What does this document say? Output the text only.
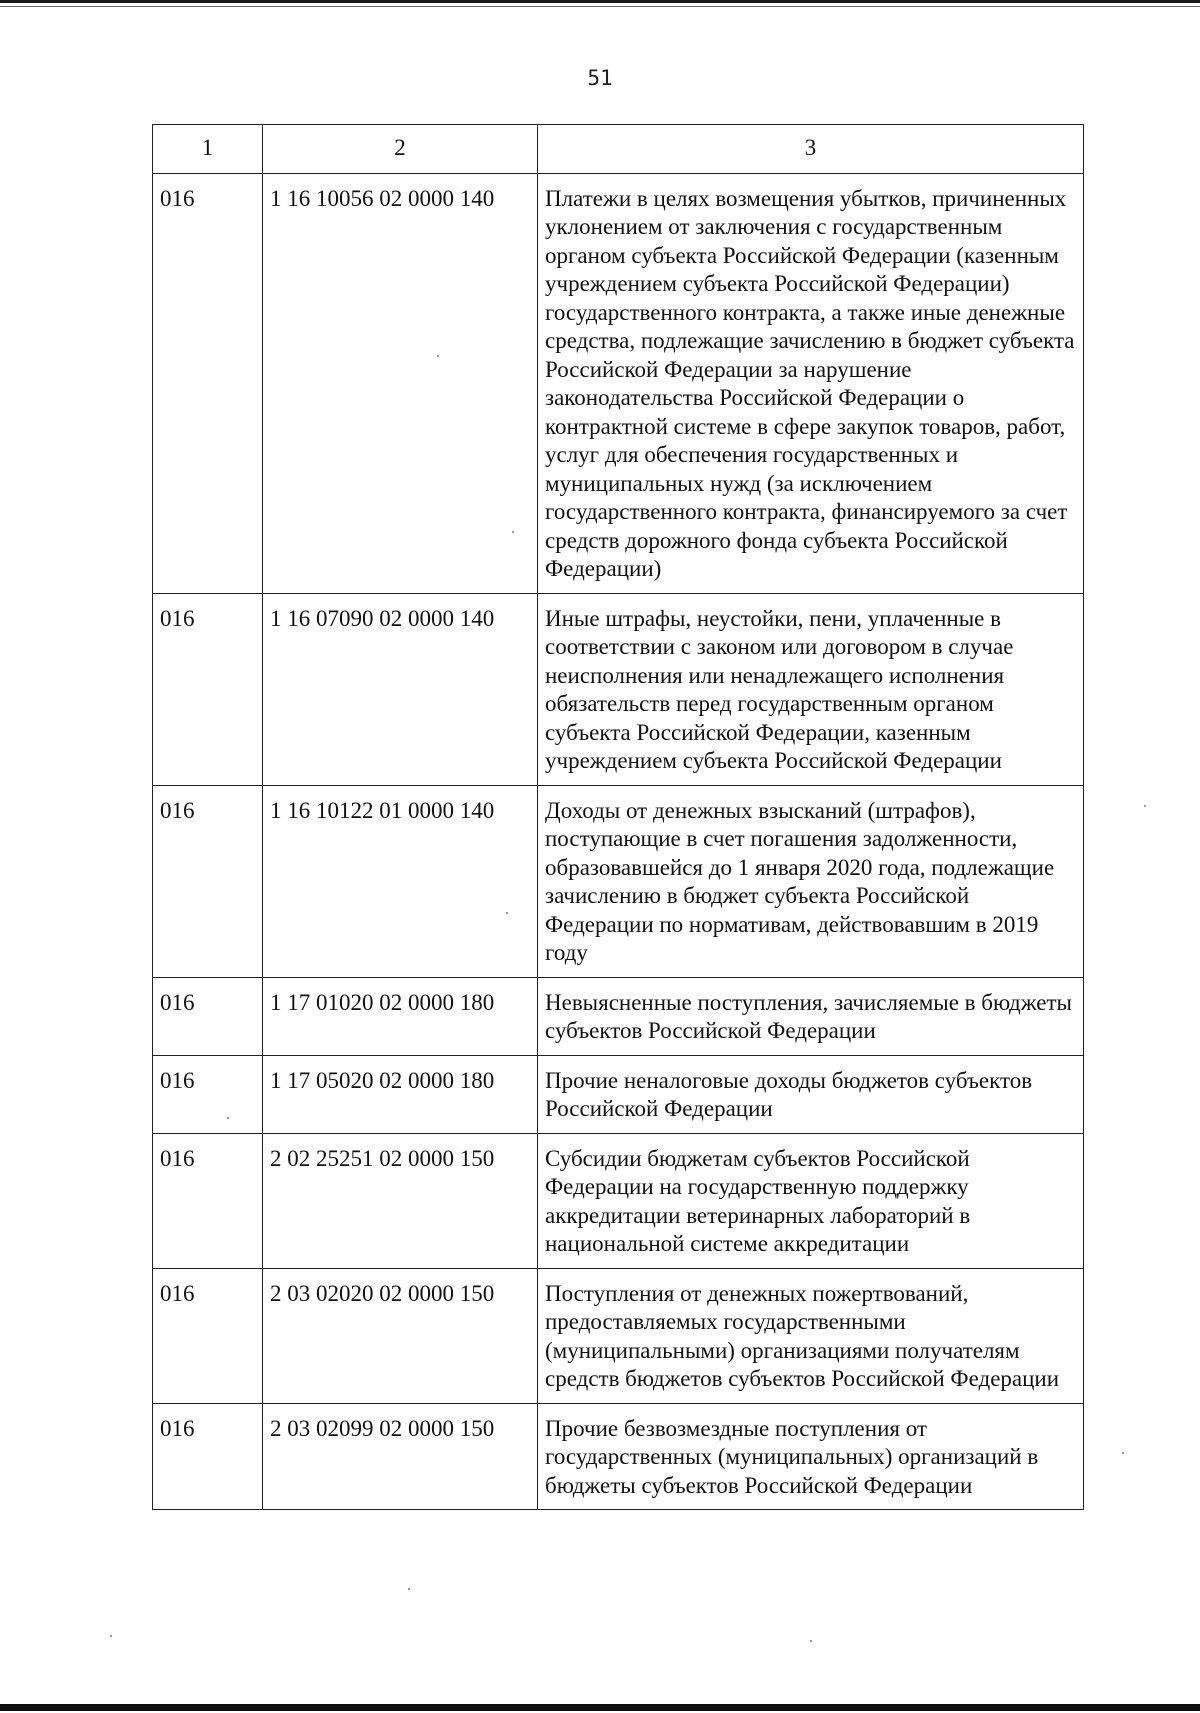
51
1	2	3
016	1 16 10056 02 0000 140	Платежи в целях возмещения убытков, причиненных уклонением от заключения с государственным органом субъекта Российской Федерации (казенным учреждением субъекта Российской Федерации) государственного контракта, а также иные денежные средства, подлежащие зачислению в бюджет субъекта Российской Федерации за нарушение законодательства Российской Федерации о контрактной системе в сфере закупок товаров, работ, услуг для обеспечения государственных и муниципальных нужд (за исключением государственного контракта, финансируемого за счет средств дорожного фонда субъекта Российской Федерации)
016	1 16 07090 02 0000 140	Иные штрафы, неустойки, пени, уплаченные в соответствии с законом или договором в случае неисполнения или ненадлежащего исполнения обязательств перед государственным органом субъекта Российской Федерации, казенным учреждением субъекта Российской Федерации
016	1 16 10122 01 0000 140	Доходы от денежных взысканий (штрафов), поступающие в счет погашения задолженности, образовавшейся до 1 января 2020 года, подлежащие зачислению в бюджет субъекта Российской Федерации по нормативам, действовавшим в 2019 году
016	1 17 01020 02 0000 180	Невыясненные поступления, зачисляемые в бюджеты субъектов Российской Федерации
016	1 17 05020 02 0000 180	Прочие неналоговые доходы бюджетов субъектов Российской Федерации
016	2 02 25251 02 0000 150	Субсидии бюджетам субъектов Российской Федерации на государственную поддержку аккредитации ветеринарных лабораторий в национальной системе аккредитации
016	2 03 02020 02 0000 150	Поступления от денежных пожертвований, предоставляемых государственными (муниципальными) организациями получателям средств бюджетов субъектов Российской Федерации
016	2 03 02099 02 0000 150	Прочие безвозмездные поступления от государственных (муниципальных) организаций в бюджеты субъектов Российской Федерации
